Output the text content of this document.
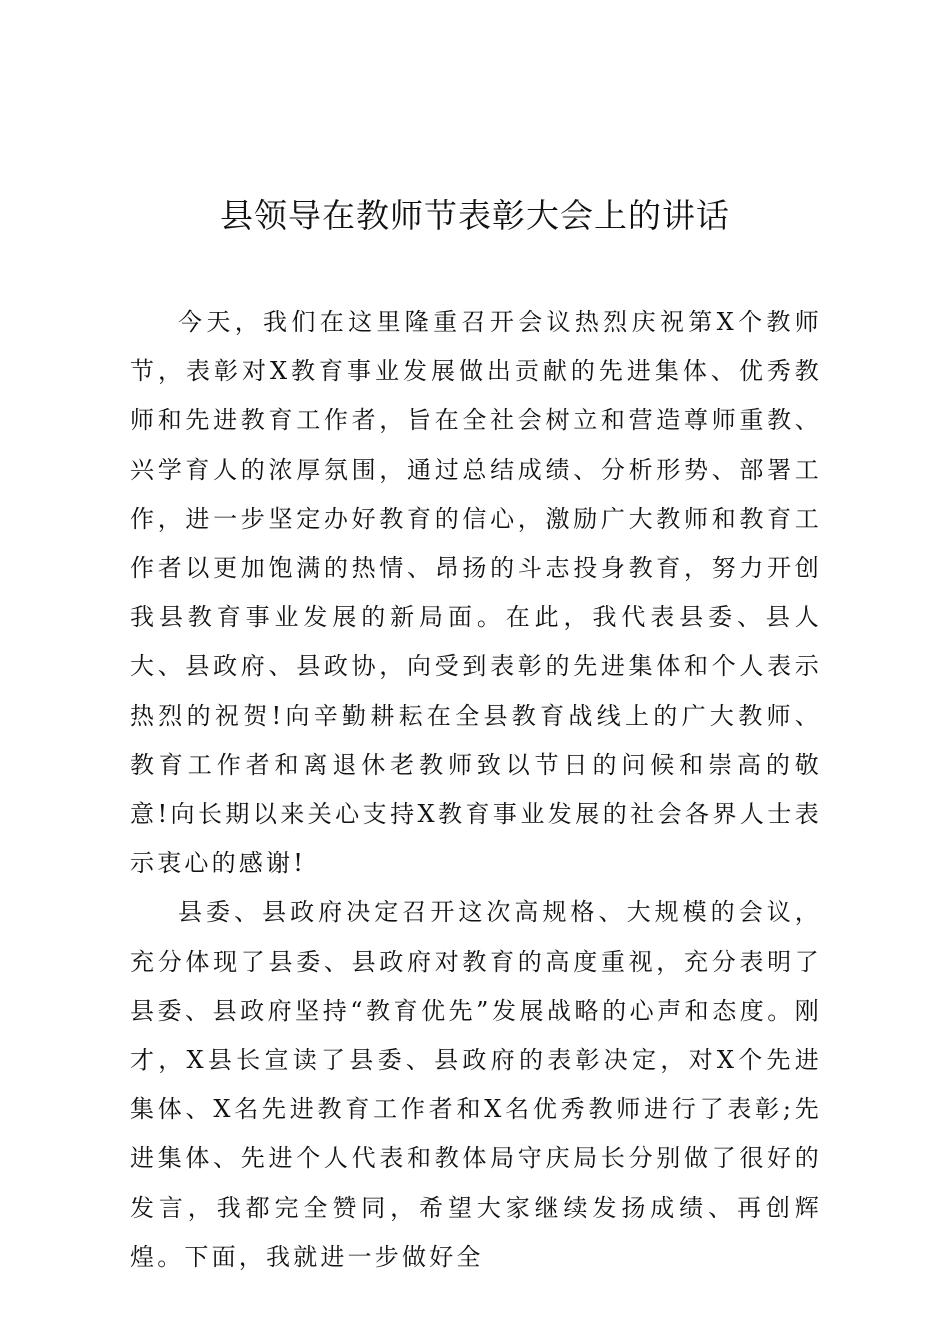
县领导在教师节表彰大会上的讲话

今天，我们在这里隆重召开会议热烈庆祝第X个教师节，表彰对X教育事业发展做出贡献的先进集体、优秀教师和先进教育工作者，旨在全社会树立和营造尊师重教、兴学育人的浓厚氛围，通过总结成绩、分析形势、部署工作，进一步坚定办好教育的信心，激励广大教师和教育工作者以更加饱满的热情、昂扬的斗志投身教育，努力开创我县教育事业发展的新局面。在此，我代表县委、县人大、县政府、县政协，向受到表彰的先进集体和个人表示热烈的祝贺!向辛勤耕耘在全县教育战线上的广大教师、教育工作者和离退休老教师致以节日的问候和崇高的敬意!向长期以来关心支持X教育事业发展的社会各界人士表示衷心的感谢!

县委、县政府决定召开这次高规格、大规模的会议，充分体现了县委、县政府对教育的高度重视，充分表明了县委、县政府坚持“教育优先”发展战略的心声和态度。刚才，X县长宣读了县委、县政府的表彰决定，对X个先进集体、X名先进教育工作者和X名优秀教师进行了表彰;先进集体、先进个人代表和教体局守庆局长分别做了很好的发言，我都完全赞同，希望大家继续发扬成绩、再创辉煌。下面，我就进一步做好全
